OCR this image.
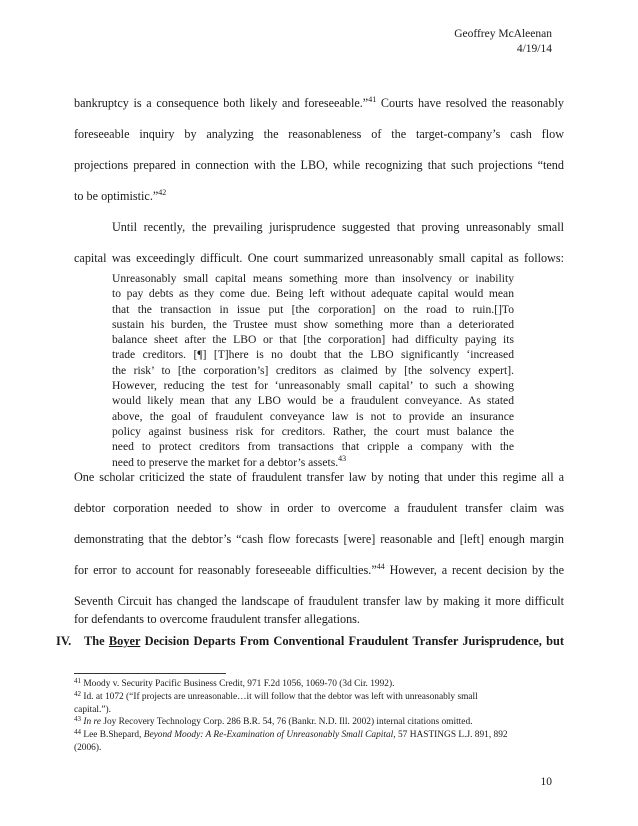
Geoffrey McAleenan
4/19/14
bankruptcy is a consequence both likely and foreseeable.”$^{41}$ Courts have resolved the reasonably
foreseeable inquiry by analyzing the reasonableness of the target-company’s cash flow
projections prepared in connection with the LBO, while recognizing that such projections “tend
to be optimistic.”$^{42}$
Until recently, the prevailing jurisprudence suggested that proving unreasonably small
capital was exceedingly difficult. One court summarized unreasonably small capital as follows:
Unreasonably small capital means something more than insolvency or inability
to pay debts as they come due. Being left without adequate capital would mean
that the transaction in issue put [the corporation] on the road to ruin.[]To
sustain his burden, the Trustee must show something more than a deteriorated
balance sheet after the LBO or that [the corporation] had difficulty paying its
trade creditors. [¶] [T]here is no doubt that the LBO significantly ‘increased
the risk’ to [the corporation’s] creditors as claimed by [the solvency expert].
However, reducing the test for ‘unreasonably small capital’ to such a showing
would likely mean that any LBO would be a fraudulent conveyance. As stated
above, the goal of fraudulent conveyance law is not to provide an insurance
policy against business risk for creditors. Rather, the court must balance the
need to protect creditors from transactions that cripple a company with the
need to preserve the market for a debtor’s assets.$^{43}$
One scholar criticized the state of fraudulent transfer law by noting that under this regime all a
debtor corporation needed to show in order to overcome a fraudulent transfer claim was
demonstrating that the debtor’s “cash flow forecasts [were] reasonable and [left] enough margin
for error to account for reasonably foreseeable difficulties.”$^{44}$ However, a recent decision by the
Seventh Circuit has changed the landscape of fraudulent transfer law by making it more difficult
for defendants to overcome fraudulent transfer allegations.
IV. The Boyer Decision Departs From Conventional Fraudulent Transfer Jurisprudence, but
$^{41}$ Moody v. Security Pacific Business Credit, 971 F.2d 1056, 1069-70 (3d Cir. 1992).
$^{42}$ Id. at 1072 (“If projects are unreasonable…it will follow that the debtor was left with unreasonably small
capital.”).
$^{43}$ In re Joy Recovery Technology Corp. 286 B.R. 54, 76 (Bankr. N.D. Ill. 2002) internal citations omitted.
$^{44}$ Lee B.Shepard, Beyond Moody: A Re-Examination of Unreasonably Small Capital, 57 HASTINGS L.J. 891, 892
(2006).
10
